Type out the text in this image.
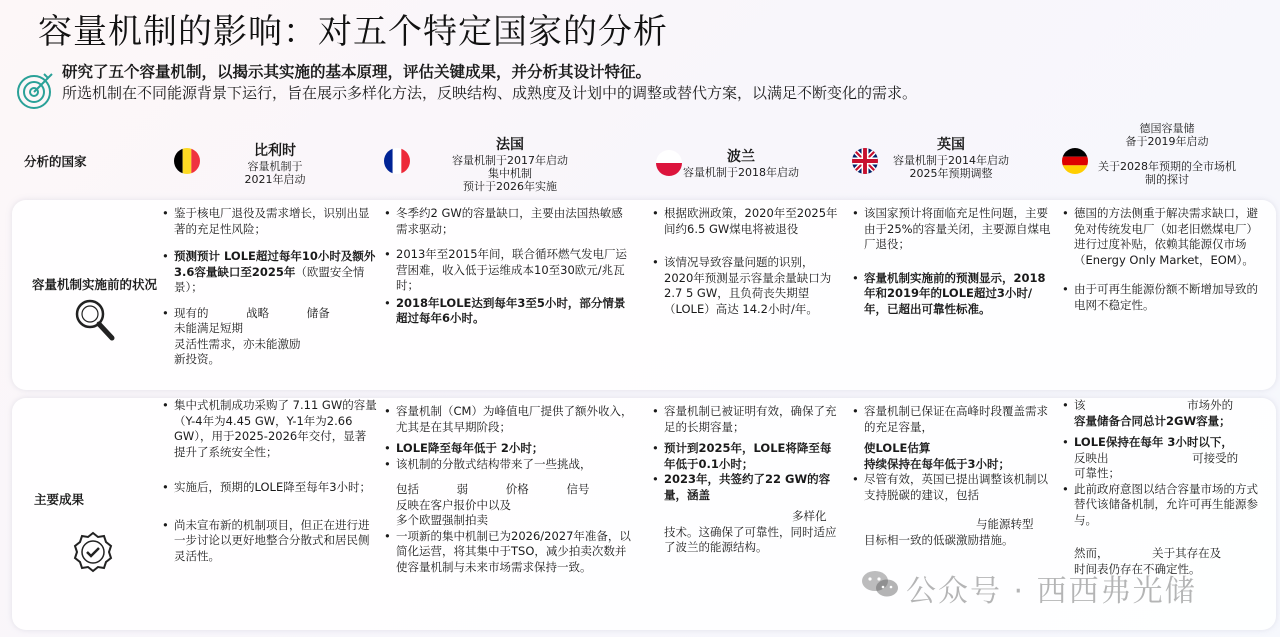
容量机制的影响：对五个特定国家的分析
研究了五个容量机制，以揭示其实施的基本原理，评估关键成果，并分析其设计特征。
所选机制在不同能源背景下运行，旨在展示多样化方法，反映结构、成熟度及计划中的调整或替代方案，以满足不断变化的需求。
分析的国家
比利时
容量机制于
2021年启动
法国
容量机制于2017年启动
集中机制
预计于2026年实施
波兰
容量机制于2018年启动
英国
容量机制于2014年启动
2025年预期调整
德国容量储
备于2019年启动
关于2028年预期的全市场机
制的探讨
容量机制实施前的状况

• 鉴于核电厂退役及需求增长，识别出显著的充足性风险；

• 预测预计 LOLE超过每年10小时及额外3.6容量缺口至2025年（欧盟安全情景）；

• 现有的 战略 储备

未能满足短期
灵活性需求，亦未能激励
新投资。

• 冬季约2 GW的容量缺口，主要由法国热敏感需求驱动；

• 2013年至2015年间，联合循环燃气发电厂运营困难，收入低于运维成本10至30欧元/兆瓦时；

• 2018年LOLE达到每年3至5小时，部分情景超过每年6小时。

• 根据欧洲政策，2020年至2025年间约6.5 GW煤电将被退役

• 该情况导致容量问题的识别， 2020年预测显示容量余量缺口为 2.7 5 GW，且负荷丧失期望（LOLE）高达 14.2小时/年。

• 该国家预计将面临充足性问题，主要由于25%的容量关闭，主要源自煤电厂退役；

• 容量机制实施前的预测显示，2018年和2019年的LOLE超过3小时/年，已超出可靠性标准。

• 德国的方法侧重于解决需求缺口，避免对传统发电厂（如老旧燃煤电厂）进行过度补贴，依赖其能源仅市场（Energy Only Market，EOM）。

• 由于可再生能源份额不断增加导致的电网不稳定性。

主要成果

• 集中式机制成功采购了 7.11 GW的容量（Y-4年为4.45 GW，Y-1年为2.66 GW），用于2025-2026年交付，显著提升了系统安全性；

• 实施后，预期的LOLE降至每年3小时；

• 尚未宣布新的机制项目，但正在进行进一步讨论以更好地整合分散式和居民侧灵活性。

• 容量机制（CM）为峰值电厂提供了额外收入，尤其是在其早期阶段；

• LOLE降至每年低于 2小时；

• 该机制的分散式结构带来了一些挑战，

包括 弱 价格 信号
反映在客户报价中以及
多个欧盟强制拍卖

• 一项新的集中机制已为2026/2027年准备，以简化运营，将其集中于TSO，减少拍卖次数并使容量机制与未来市场需求保持一致。

• 容量机制已被证明有效，确保了充足的长期容量；

• 预计到2025年，LOLE将降至每年低于0.1小时；

• 2023年，共签约了22 GW的容量，涵盖

多样化
技术。这确保了可靠性，同时适应了波兰的能源结构。

• 容量机制已保证在高峰时段覆盖需求的充足容量，

使LOLE估算
持续保持在每年低于3小时；

• 尽管有效，英国已提出调整该机制以支持脱碳的建议，包括

与能源转型
目标相一致的低碳激励措施。

• 该 市场外的

容量储备合同总计2GW容量；

• LOLE保持在每年 3小时以下，

反映出 可接受的
可靠性；

• 此前政府意图以结合容量市场的方式替代该储备机制，允许可再生能源参与。

然而， 关于其存在及
时间表仍存在不确定性。
公众号 · 西西弗光储
